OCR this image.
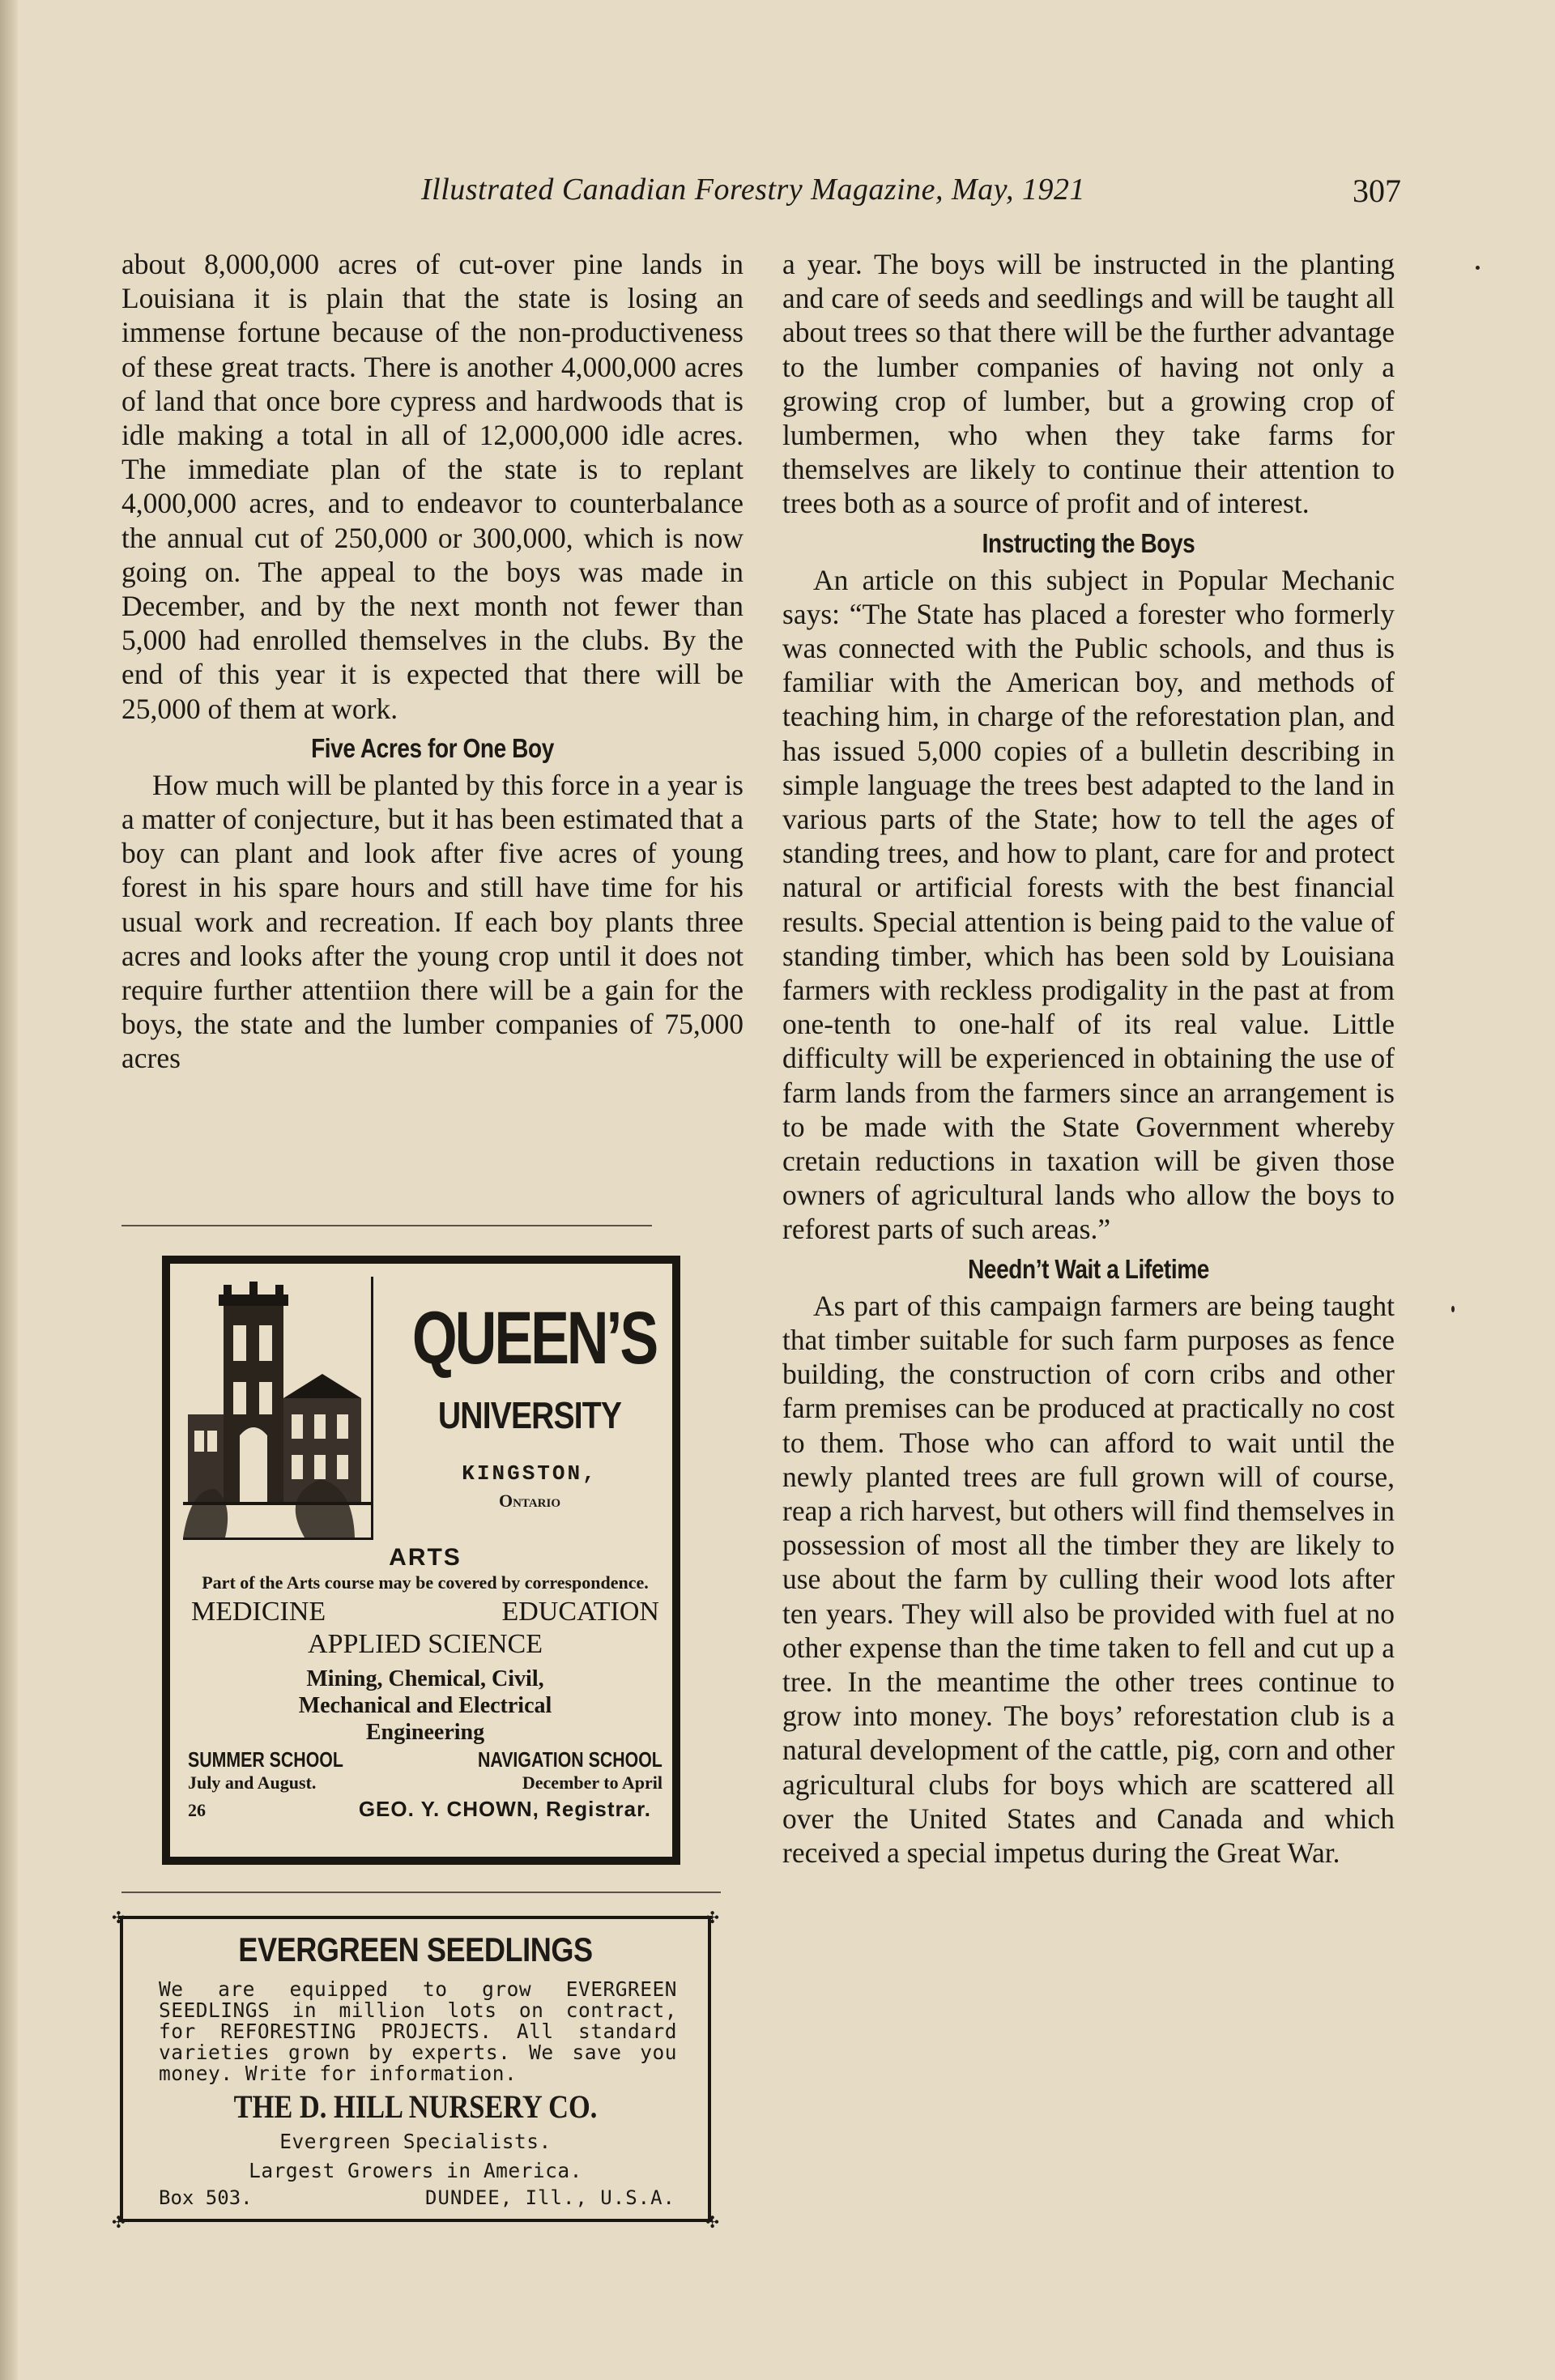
Illustrated Canadian Forestry Magazine, May, 1921	307

about 8,000,000 acres of cut-over pine lands in Louisiana it is plain that the state is losing an immense fortune because of the non-productiveness of these great tracts. There is another 4,000,000 acres of land that once bore cypress and hardwoods that is idle making a total in all of 12,000,000 idle acres. The immediate plan of the state is to replant 4,000,000 acres, and to endeavor to counterbalance the annual cut of 250,000 or 300,000, which is now going on. The appeal to the boys was made in December, and by the next month not fewer than 5,000 had enrolled themselves in the clubs. By the end of this year it is expected that there will be 25,000 of them at work.

Five Acres for One Boy

How much will be planted by this force in a year is a matter of conjecture, but it has been estimated that a boy can plant and look after five acres of young forest in his spare hours and still have time for his usual work and recreation. If each boy plants three acres and looks after the young crop until it does not require further attentiion there will be a gain for the boys, the state and the lumber companies of 75,000 acres

QUEEN’S
UNIVERSITY
KINGSTON,
Ontario
ARTS
Part of the Arts course may be covered by correspondence.
MEDICINE	EDUCATION
APPLIED SCIENCE
Mining, Chemical, Civil,
Mechanical and Electrical
Engineering
SUMMER SCHOOL	NAVIGATION SCHOOL
July and August.	December to April
26	GEO. Y. CHOWN, Registrar.
✣	✣
✣	✣
EVERGREEN SEEDLINGS
We are equipped to grow EVERGREEN SEEDLINGS in million lots on contract, for REFORESTING PROJECTS. All standard varieties grown by experts. We save you money. Write for information.
THE D. HILL NURSERY CO.
Evergreen Specialists.
Largest Growers in America.
Box 503.	DUNDEE, Ill., U.S.A.

a year. The boys will be instructed in the planting and care of seeds and seedlings and will be taught all about trees so that there will be the further advantage to the lumber companies of having not only a growing crop of lumber, but a growing crop of lumbermen, who when they take farms for themselves are likely to continue their attention to trees both as a source of profit and of interest.

Instructing the Boys

An article on this subject in Popular Mechanic says: “The State has placed a forester who formerly was connected with the Public schools, and thus is familiar with the American boy, and methods of teaching him, in charge of the reforestation plan, and has issued 5,000 copies of a bulletin describing in simple language the trees best adapted to the land in various parts of the State; how to tell the ages of standing trees, and how to plant, care for and protect natural or artificial forests with the best financial results. Special attention is being paid to the value of standing timber, which has been sold by Louisiana farmers with reckless prodigality in the past at from one-tenth to one-half of its real value. Little difficulty will be experienced in obtaining the use of farm lands from the farmers since an arrangement is to be made with the State Government whereby cretain reductions in taxation will be given those owners of agricultural lands who allow the boys to reforest parts of such areas.”

Needn’t Wait a Lifetime

As part of this campaign farmers are being taught that timber suitable for such farm purposes as fence building, the construction of corn cribs and other farm premises can be produced at practically no cost to them. Those who can afford to wait until the newly planted trees are full grown will of course, reap a rich harvest, but others will find themselves in possession of most all the timber they are likely to use about the farm by culling their wood lots after ten years. They will also be provided with fuel at no other expense than the time taken to fell and cut up a tree. In the meantime the other trees continue to grow into money. The boys’ reforestation club is a natural development of the cattle, pig, corn and other agricultural clubs for boys which are scattered all over the United States and Canada and which received a special impetus during the Great War.
